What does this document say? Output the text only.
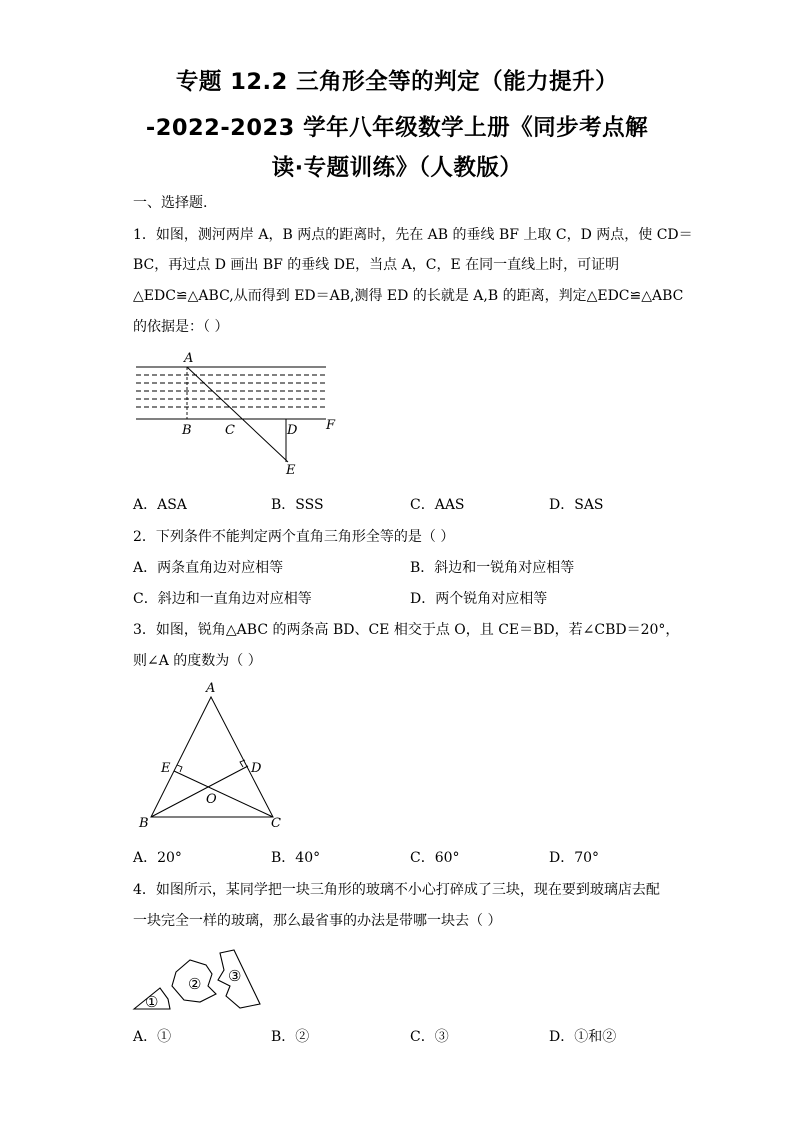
专题 12.2 三角形全等的判定（能力提升）
-2022-2023 学年八年级数学上册《同步考点解
读·专题训练》（人教版）
一、选择题.
1．如图，测河两岸 A，B 两点的距离时，先在 AB 的垂线 BF 上取 C，D 两点，使 CD＝
BC，再过点 D 画出 BF 的垂线 DE，当点 A，C，E 在同一直线上时，可证明
△EDC≌△ABC,从而得到 ED＝AB,测得 ED 的长就是 A,B 的距离，判定△EDC≌△ABC
的依据是：（ ）
A
B	C	D F
E
A．ASA	B．SSS	C．AAS	D．SAS
2．下列条件不能判定两个直角三角形全等的是（ ）
A．两条直角边对应相等	B．斜边和一锐角对应相等
C．斜边和一直角边对应相等	D．两个锐角对应相等
3．如图，锐角△ABC 的两条高 BD、CE 相交于点 O，且 CE＝BD，若∠CBD＝20°，
则∠A 的度数为（ ）
A
B	C
D
E
O
A．20°	B．40°	C．60°	D．70°
4．如图所示，某同学把一块三角形的玻璃不小心打碎成了三块，现在要到玻璃店去配
一块完全一样的玻璃，那么最省事的办法是带哪一块去（ ）
①
② ③
A．①	B．②	C．③	D．①和②
